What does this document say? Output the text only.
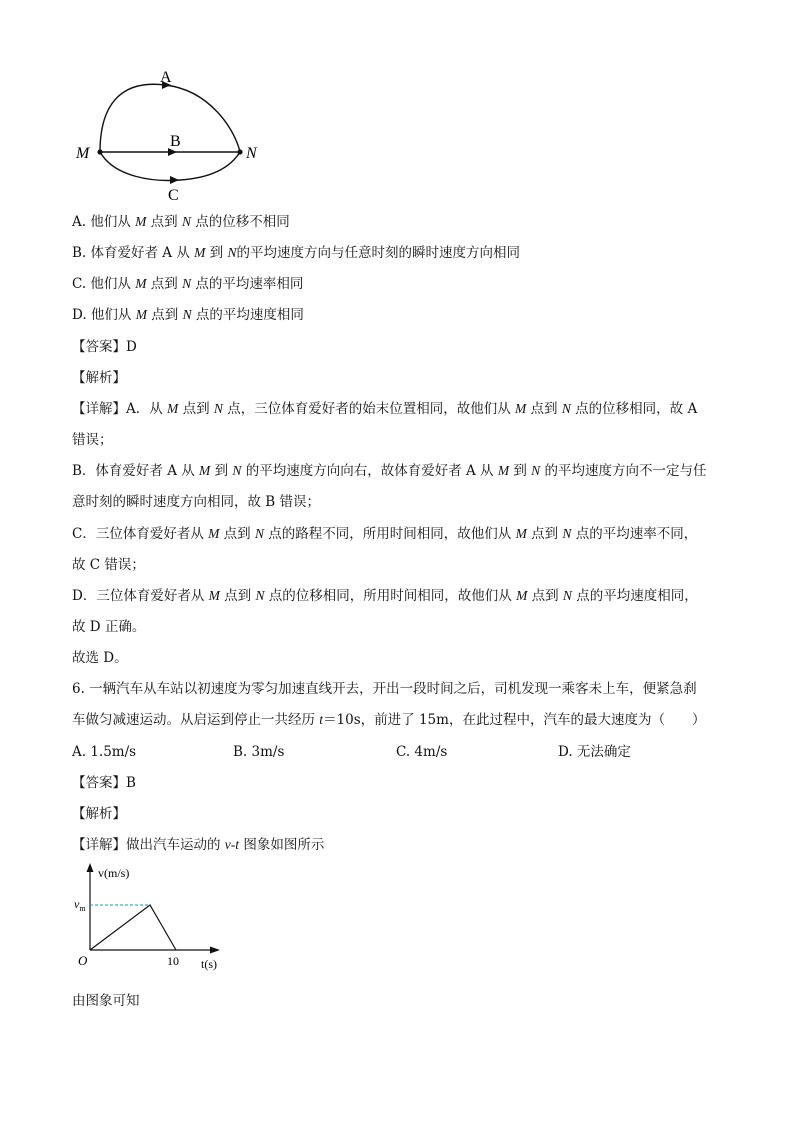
A
B
C
M	N
A. 他们从 M 点到 N 点的位移不相同
B. 体育爱好者 A 从 M 到 N的平均速度方向与任意时刻的瞬时速度方向相同
C. 他们从 M 点到 N 点的平均速率相同
D. 他们从 M 点到 N 点的平均速度相同
【答案】D
【解析】
【详解】A．从 M 点到 N 点，三位体育爱好者的始末位置相同，故他们从 M 点到 N 点的位移相同，故 A
错误；
B．体育爱好者 A 从 M 到 N 的平均速度方向向右，故体育爱好者 A 从 M 到 N 的平均速度方向不一定与任
意时刻的瞬时速度方向相同，故 B 错误；
C．三位体育爱好者从 M 点到 N 点的路程不同，所用时间相同，故他们从 M 点到 N 点的平均速率不同，
故 C 错误；
D．三位体育爱好者从 M 点到 N 点的位移相同，所用时间相同，故他们从 M 点到 N 点的平均速度相同，
故 D 正确。
故选 D。
6. 一辆汽车从车站以初速度为零匀加速直线开去，开出一段时间之后，司机发现一乘客未上车，便紧急刹
车做匀减速运动。从启运到停止一共经历 t＝10s，前进了 15m，在此过程中，汽车的最大速度为（　　）
A. 1.5m/s	B. 3m/s	C. 4m/s	D. 无法确定
【答案】B
【解析】
【详解】做出汽车运动的 v-t 图象如图所示
v(m/s)
$v_m$
O	10 t(s)
由图象可知
